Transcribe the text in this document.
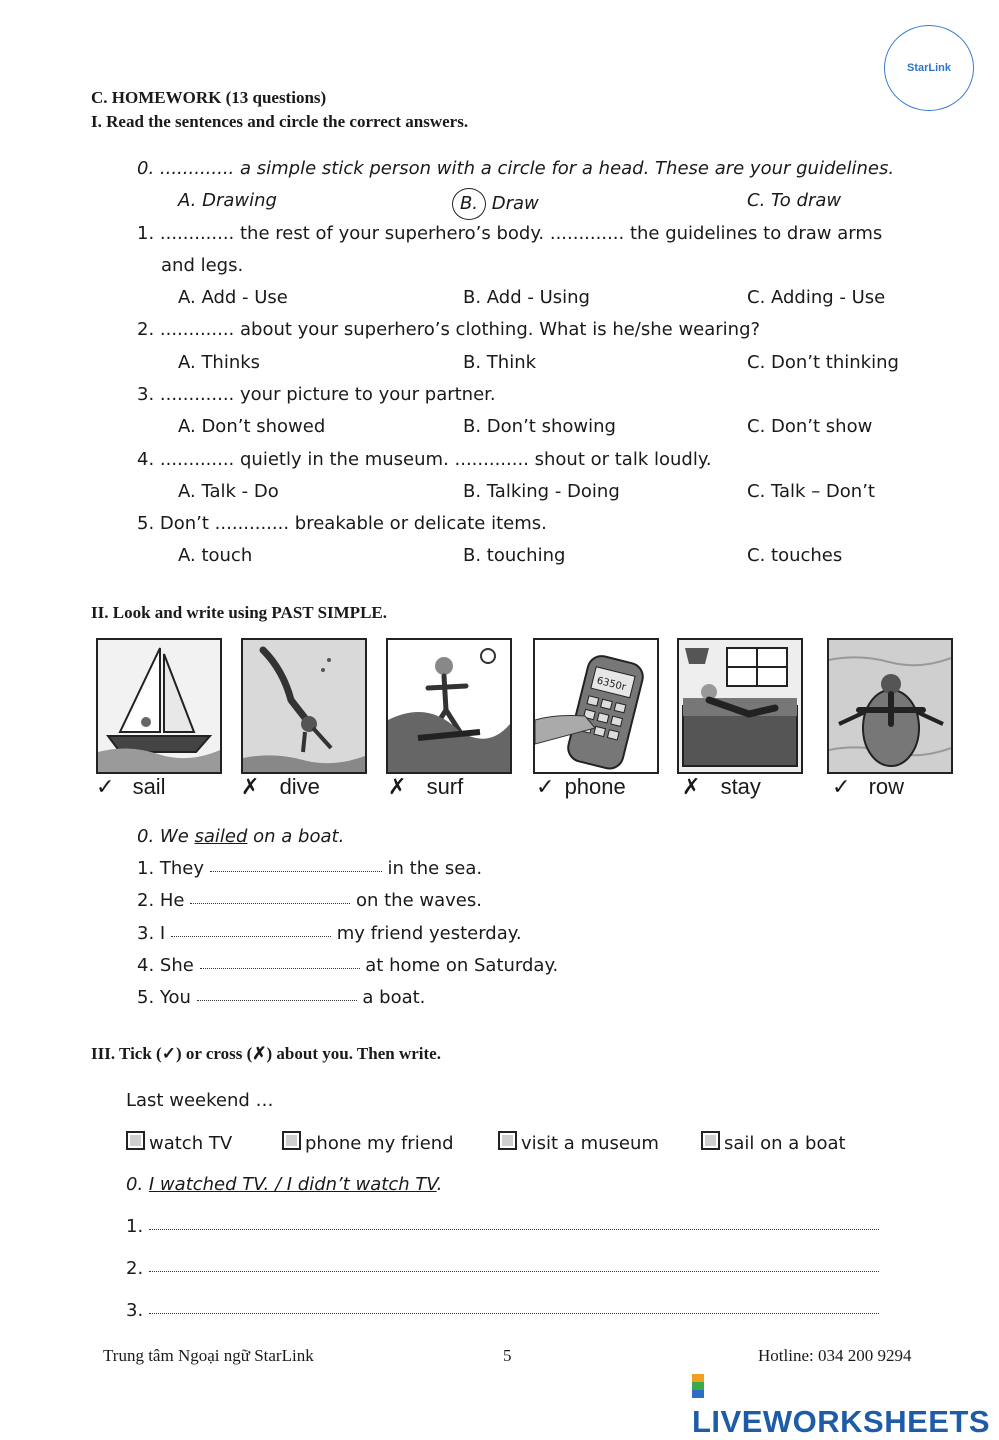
StarLink
C. HOMEWORK (13 questions)
I. Read the sentences and circle the correct answers.
0. ............. a simple stick person with a circle for a head. These are your guidelines.
A. Drawing	B. Draw	C. To draw
1. ............. the rest of your superhero’s body. ............. the guidelines to draw arms
and legs.
A. Add - Use	B. Add - Using	C. Adding - Use
2. ............. about your superhero’s clothing. What is he/she wearing?
A. Thinks	B. Think	C. Don’t thinking
3. ............. your picture to your partner.
A. Don’t showed	B. Don’t showing	C. Don’t show
4. ............. quietly in the museum. ............. shout or talk loudly.
A. Talk - Do	B. Talking - Doing	C. Talk – Don’t
5. Don’t ............. breakable or delicate items.
A. touch	B. touching	C. touches
II. Look and write using PAST SIMPLE.
6350r
✓ sail	✗ dive	✗ surf	✓ phone	✗ stay	✓ row
0. We sailed on a boat.
1. They	in the sea.
2. He	on the waves.
3. I	my friend yesterday.
4. She	at home on Saturday.
5. You	a boat.
III. Tick (✓) or cross (✗) about you. Then write.
Last weekend …
watch TV	phone my friend	visit a museum	sail on a boat
0. I watched TV. / I didn’t watch TV.
1.
2.
3.
Trung tâm Ngoại ngữ StarLink	5	Hotline: 034 200 9294
LIVEWORKSHEETS
